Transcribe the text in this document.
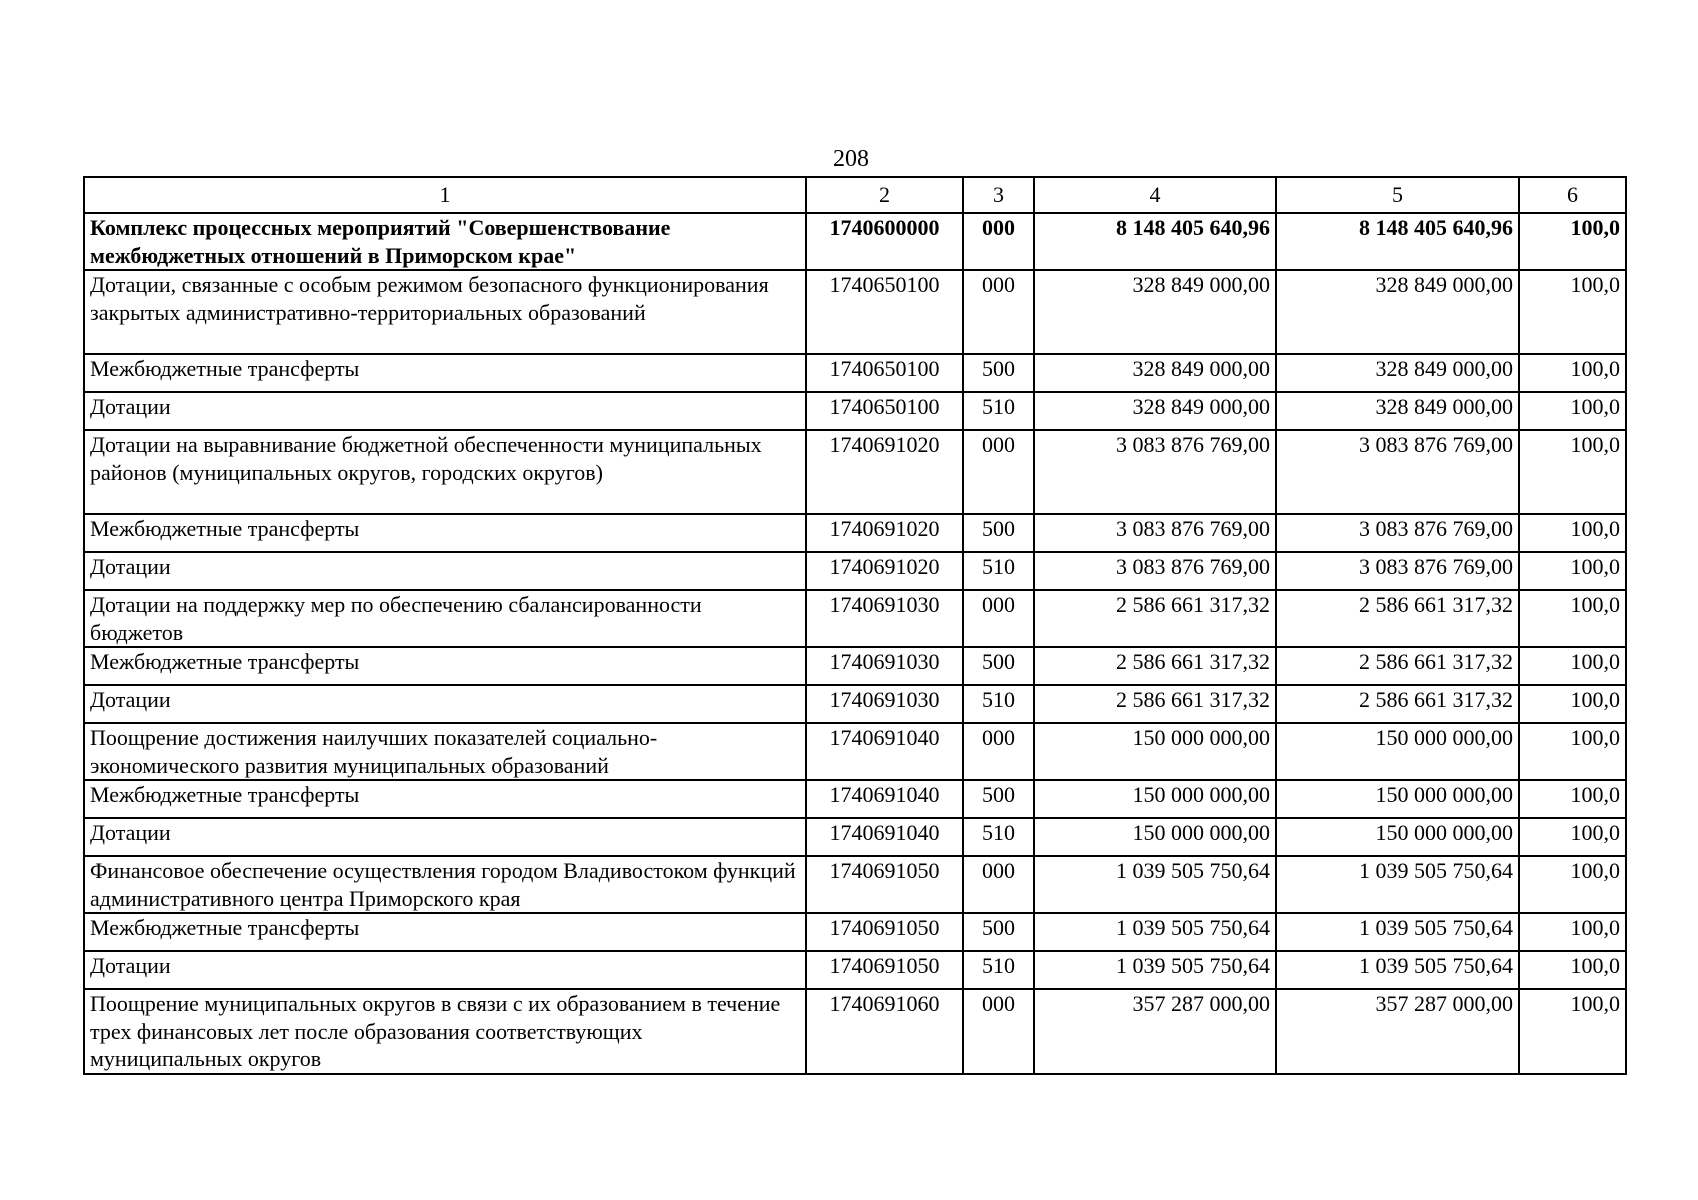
208
1	2	3	4	5	6
Комплекс процессных мероприятий "Совершенствование межбюджетных отношений в Приморском крае"	1740600000	000	8 148 405 640,96	8 148 405 640,96	100,0
Дотации, связанные с особым режимом безопасного функционирования закрытых административно-территориальных образований	1740650100	000	328 849 000,00	328 849 000,00	100,0
Межбюджетные трансферты	1740650100	500	328 849 000,00	328 849 000,00	100,0
Дотации	1740650100	510	328 849 000,00	328 849 000,00	100,0
Дотации на выравнивание бюджетной обеспеченности муниципальных районов (муниципальных округов, городских округов)	1740691020	000	3 083 876 769,00	3 083 876 769,00	100,0
Межбюджетные трансферты	1740691020	500	3 083 876 769,00	3 083 876 769,00	100,0
Дотации	1740691020	510	3 083 876 769,00	3 083 876 769,00	100,0
Дотации на поддержку мер по обеспечению сбалансированности бюджетов	1740691030	000	2 586 661 317,32	2 586 661 317,32	100,0
Межбюджетные трансферты	1740691030	500	2 586 661 317,32	2 586 661 317,32	100,0
Дотации	1740691030	510	2 586 661 317,32	2 586 661 317,32	100,0
Поощрение достижения наилучших показателей социально-экономического развития муниципальных образований	1740691040	000	150 000 000,00	150 000 000,00	100,0
Межбюджетные трансферты	1740691040	500	150 000 000,00	150 000 000,00	100,0
Дотации	1740691040	510	150 000 000,00	150 000 000,00	100,0
Финансовое обеспечение осуществления городом Владивостоком функций административного центра Приморского края	1740691050	000	1 039 505 750,64	1 039 505 750,64	100,0
Межбюджетные трансферты	1740691050	500	1 039 505 750,64	1 039 505 750,64	100,0
Дотации	1740691050	510	1 039 505 750,64	1 039 505 750,64	100,0
Поощрение муниципальных округов в связи с их образованием в течение трех финансовых лет после образования соответствующих муниципальных округов	1740691060	000	357 287 000,00	357 287 000,00	100,0
